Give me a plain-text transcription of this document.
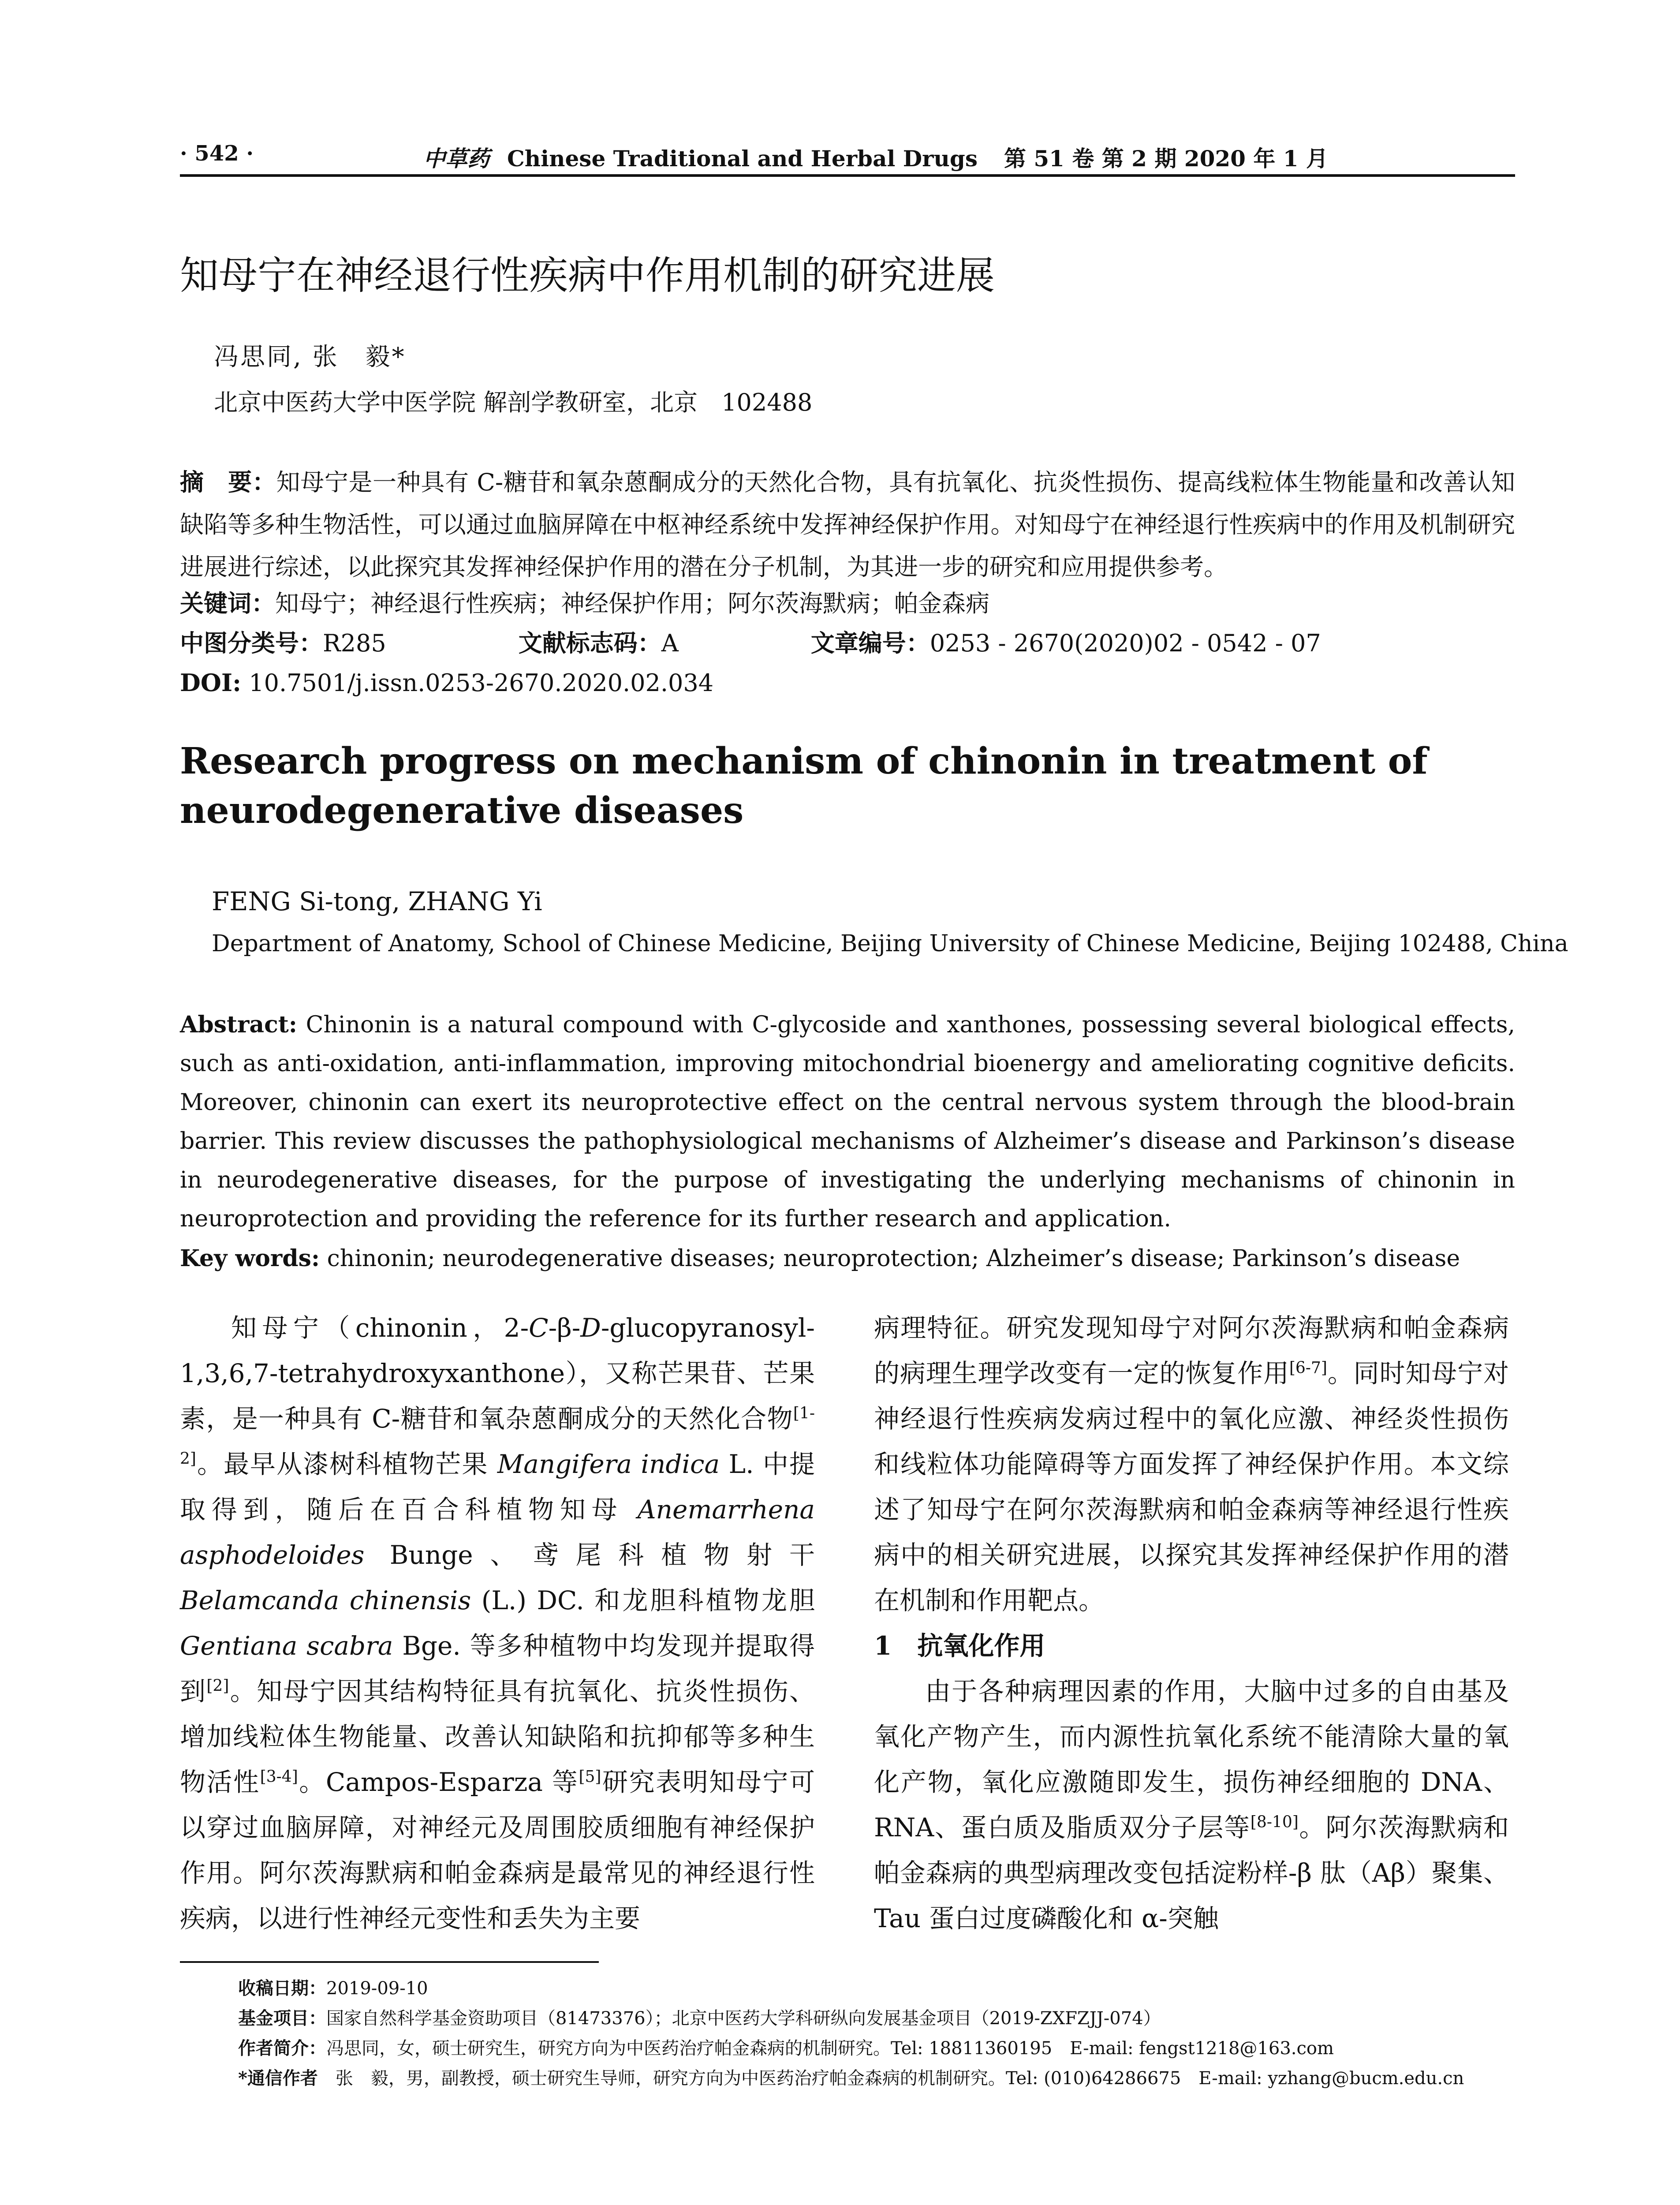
· 542 ·	中草药 Chinese Traditional and Herbal Drugs 第 51 卷 第 2 期 2020 年 1 月
知母宁在神经退行性疾病中作用机制的研究进展
冯思同, 张　毅*
北京中医药大学中医学院 解剖学教研室，北京　102488
摘　要：知母宁是一种具有 C-糖苷和氧杂蒽酮成分的天然化合物，具有抗氧化、抗炎性损伤、提高线粒体生物能量和改善认知缺陷等多种生物活性，可以通过血脑屏障在中枢神经系统中发挥神经保护作用。对知母宁在神经退行性疾病中的作用及机制研究进展进行综述，以此探究其发挥神经保护作用的潜在分子机制，为其进一步的研究和应用提供参考。
关键词：知母宁；神经退行性疾病；神经保护作用；阿尔茨海默病；帕金森病
中图分类号：R285	文献标志码：A	文章编号：0253 - 2670(2020)02 - 0542 - 07
DOI: 10.7501/j.issn.0253-2670.2020.02.034
Research progress on mechanism of chinonin in treatment of neurodegenerative diseases
FENG Si-tong, ZHANG Yi
Department of Anatomy, School of Chinese Medicine, Beijing University of Chinese Medicine, Beijing 102488, China
Abstract: Chinonin is a natural compound with C-glycoside and xanthones, possessing several biological effects, such as anti-oxidation, anti-inflammation, improving mitochondrial bioenergy and ameliorating cognitive deficits. Moreover, chinonin can exert its neuroprotective effect on the central nervous system through the blood-brain barrier. This review discusses the pathophysiological mechanisms of Alzheimer’s disease and Parkinson’s disease in neurodegenerative diseases, for the purpose of investigating the underlying mechanisms of chinonin in neuroprotection and providing the reference for its further research and application.
Key words: chinonin; neurodegenerative diseases; neuroprotection; Alzheimer’s disease; Parkinson’s disease
知母宁（chinonin，2-C-β-D-glucopyranosyl-1,3,6,7-tetrahydroxyxanthone），又称芒果苷、芒果素，是一种具有 C-糖苷和氧杂蒽酮成分的天然化合物[1-2]。最早从漆树科植物芒果 Mangifera indica L. 中提取得到，随后在百合科植物知母 Anemarrhena asphodeloides Bunge、鸢尾科植物射干 Belamcanda chinensis (L.) DC. 和龙胆科植物龙胆 Gentiana scabra Bge. 等多种植物中均发现并提取得到[2]。知母宁因其结构特征具有抗氧化、抗炎性损伤、增加线粒体生物能量、改善认知缺陷和抗抑郁等多种生物活性[3-4]。Campos-Esparza 等[5]研究表明知母宁可以穿过血脑屏障，对神经元及周围胶质细胞有神经保护作用。阿尔茨海默病和帕金森病是最常见的神经退行性疾病，以进行性神经元变性和丢失为主要
病理特征。研究发现知母宁对阿尔茨海默病和帕金森病的病理生理学改变有一定的恢复作用[6-7]。同时知母宁对神经退行性疾病发病过程中的氧化应激、神经炎性损伤和线粒体功能障碍等方面发挥了神经保护作用。本文综述了知母宁在阿尔茨海默病和帕金森病等神经退行性疾病中的相关研究进展，以探究其发挥神经保护作用的潜在机制和作用靶点。
1　 抗氧化作用
由于各种病理因素的作用，大脑中过多的自由基及氧化产物产生，而内源性抗氧化系统不能清除大量的氧化产物，氧化应激随即发生，损伤神经细胞的 DNA、RNA、蛋白质及脂质双分子层等[8-10]。阿尔茨海默病和帕金森病的典型病理改变包括淀粉样-β 肽（Aβ）聚集、Tau 蛋白过度磷酸化和 α-突触
收稿日期：2019-09-10
基金项目：国家自然科学基金资助项目（81473376）；北京中医药大学科研纵向发展基金项目（2019-ZXFZJJ-074）
作者简介：冯思同，女，硕士研究生，研究方向为中医药治疗帕金森病的机制研究。Tel: 18811360195　E-mail: fengst1218@163.com
*通信作者　 张　毅，男，副教授，硕士研究生导师，研究方向为中医药治疗帕金森病的机制研究。Tel: (010)64286675　E-mail: yzhang@bucm.edu.cn
